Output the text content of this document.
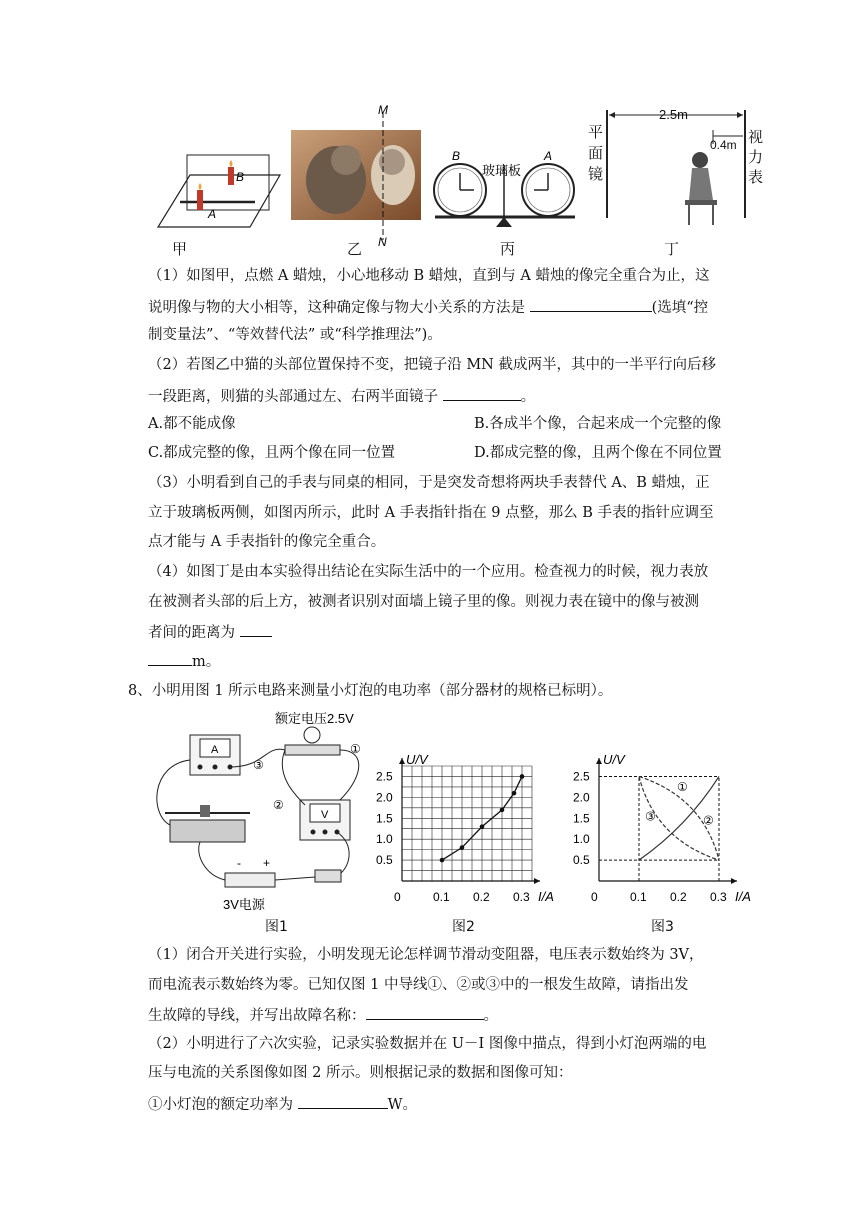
A
B
甲
M
N
乙
B	A
玻璃板
丙
2.5m
0.4m
平
面
镜
视
力
表
丁
（1）如图甲，点燃 A 蜡烛，小心地移动 B 蜡烛，直到与 A 蜡烛的像完全重合为止，这
说明像与物的大小相等，这种确定像与物大小关系的方法是	(选填“控
制变量法”、“等效替代法” 或“科学推理法”)。
（2）若图乙中猫的头部位置保持不变，把镜子沿 MN 截成两半，其中的一半平行向后移
一段距离，则猫的头部通过左、右两半面镜子	。
A.都不能成像	B.各成半个像，合起来成一个完整的像
C.都成完整的像，且两个像在同一位置	D.都成完整的像，且两个像在不同位置
（3）小明看到自己的手表与同桌的相同，于是突发奇想将两块手表替代 A、B 蜡烛，正
立于玻璃板两侧，如图丙所示，此时 A 手表指针指在 9 点整，那么 B 手表的指针应调至
点才能与 A 手表指针的像完全重合。
（4）如图丁是由本实验得出结论在实际生活中的一个应用。检查视力的时候，视力表放
在被测者头部的后上方，被测者识别对面墙上镜子里的像。则视力表在镜中的像与被测
者间的距离为
m。
8、小明用图 1 所示电路来测量小灯泡的电功率（部分器材的规格已标明）。
额定电压2.5V
A
③
①
V
②
- +
3V电源
图1
2.5
2.0
1.5
1.0
0.5
0.1 0.2 0.3
0
U/V
I/A
图2
2.5
2.0
1.5
1.0
0.5
0.1 0.2 0.3
0
U/V
I/A
①
②
③
图3
（1）闭合开关进行实验，小明发现无论怎样调节滑动变阻器，电压表示数始终为 3V，
而电流表示数始终为零。已知仅图 1 中导线①、②或③中的一根发生故障，请指出发
生故障的导线，并写出故障名称：	。
（2）小明进行了六次实验，记录实验数据并在 U－I 图像中描点，得到小灯泡两端的电
压与电流的关系图像如图 2 所示。则根据记录的数据和图像可知：
①小灯泡的额定功率为	W。
